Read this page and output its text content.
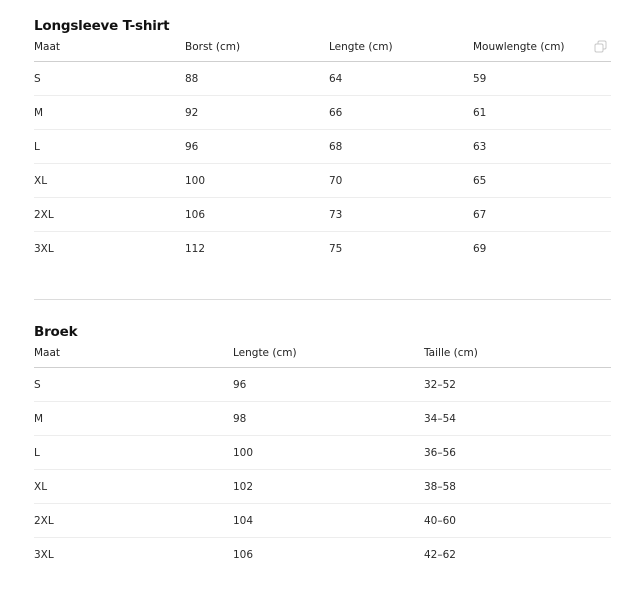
Longsleeve T-shirt
Maat	Borst (cm)	Lengte (cm)	Mouwlengte (cm)
S	88	64	59
M	92	66	61
L	96	68	63
XL	100	70	65
2XL	106	73	67
3XL	112	75	69
Broek
Maat	Lengte (cm)	Taille (cm)
S	96	32–52
M	98	34–54
L	100	36–56
XL	102	38–58
2XL	104	40–60
3XL	106	42–62
